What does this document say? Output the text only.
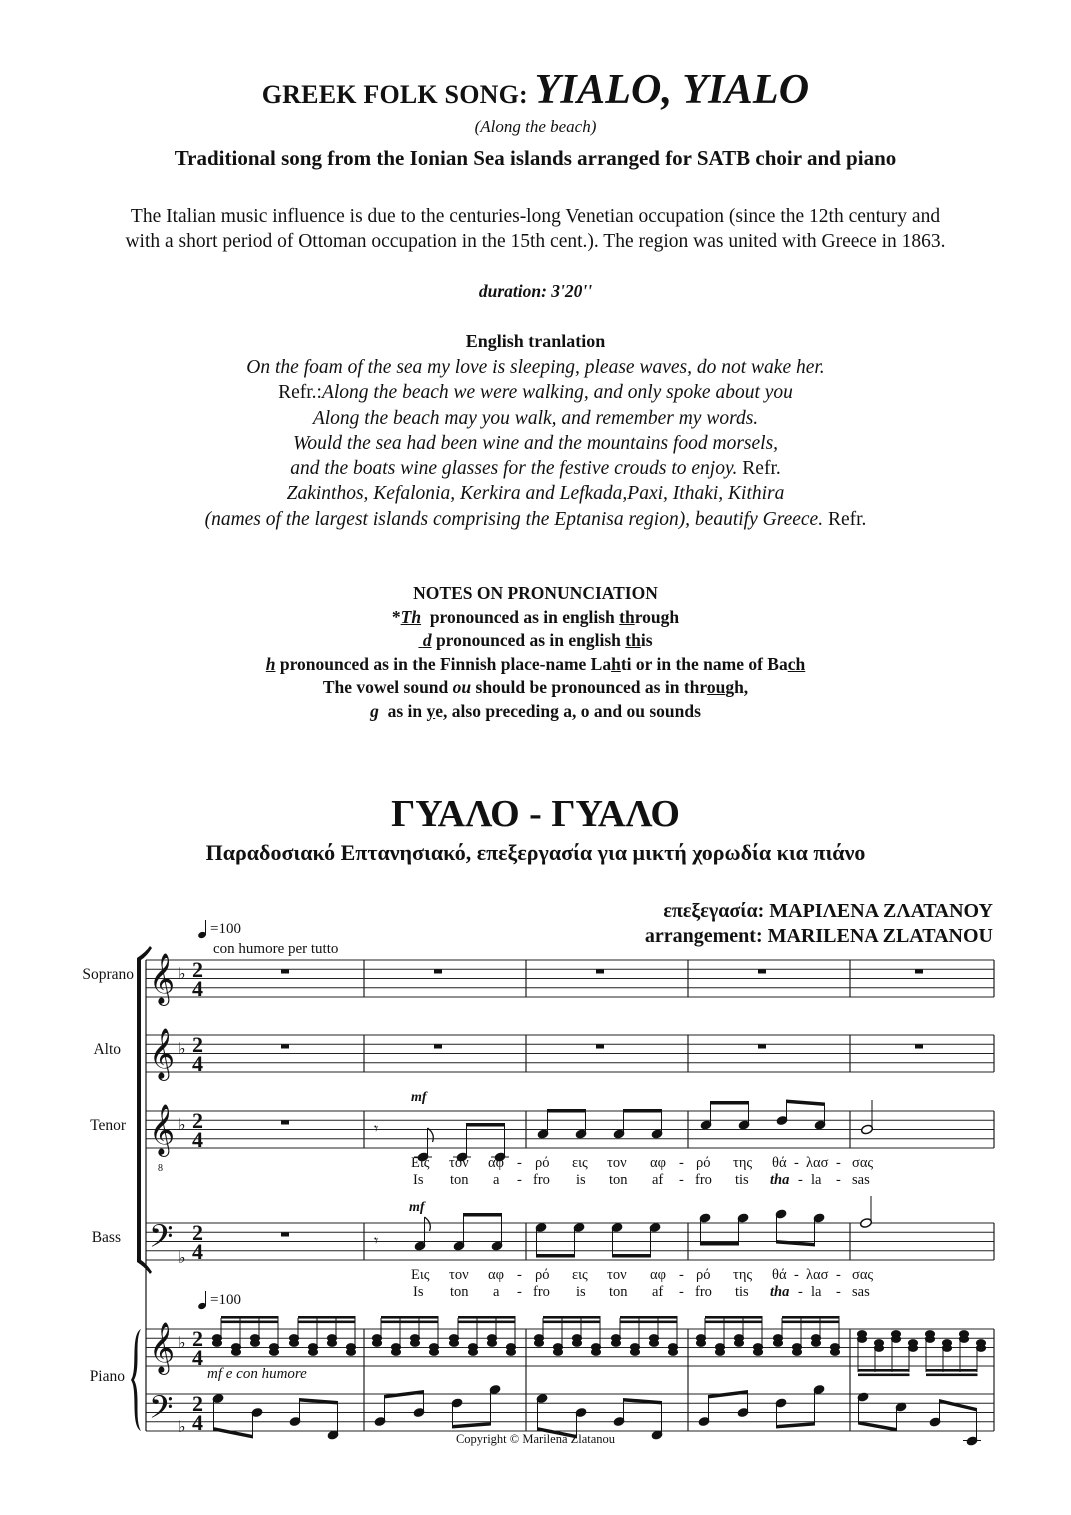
GREEK FOLK SONG: YIALO, YIALO
(Along the beach)
Traditional song from the Ionian Sea islands arranged for SATB choir and piano
The Italian music influence is due to the centuries-long Venetian occupation (since the 12th century and
with a short period of Ottoman occupation in the 15th cent.). The region was united with Greece in 1863.
duration: 3'20''
English tranlation
On the foam of the sea my love is sleeping, please waves, do not wake her.
Refr.:Along the beach we were walking, and only spoke about you
Along the beach may you walk, and remember my words.
Would the sea had been wine and the mountains food morsels,
and the boats wine glasses for the festive crouds to enjoy. Refr.
Zakinthos, Kefalonia, Kerkira and Lefkada,Paxi, Ithaki, Kithira
(names of the largest islands comprising the Eptanisa region), beautify Greece. Refr.
NOTES ON PRONUNCIATION
*Th  pronounced as in english through
d pronounced as in english this
h pronounced as in the Finnish place-name Lahti or in the name of Bach
The vowel sound ou should be pronounced as in through,
g  as in ye, also preceding a, o and ou sounds
ΓΥΑΛΟ - ΓΥΑΛΟ
Παραδοσιακό Επτανησιακό, επεξεργασία για μικτή χορωδία κια πιάνο
επεξεγασία: ΜΑΡΙΛΕΝΑ ΖΛΑΤΑΝΟΥ
arrangement: MARILENA ZLATANOU
𝄞
𝄞
𝄞
𝄞
8
𝄢
𝄢
♭
♭
♭
♭
♭
♭
2
4
2
4
2
4
2
4
2
4
2
4
𝄾
𝄾
=100
con humore per tutto
=100
mf e con humore
Soprano
Alto
Tenor
Bass
Piano
mf
mf
Εις τον αφ - ρό εις τον αφ - ρό της θά - λασ - σας
Is ton a - fro is ton af - fro tis tha - la - sas
Εις τον αφ - ρό εις τον αφ - ρό της θά - λασ - σας
Is ton a - fro is ton af - fro tis tha - la - sas
Copyright © Marilena Zlatanou
